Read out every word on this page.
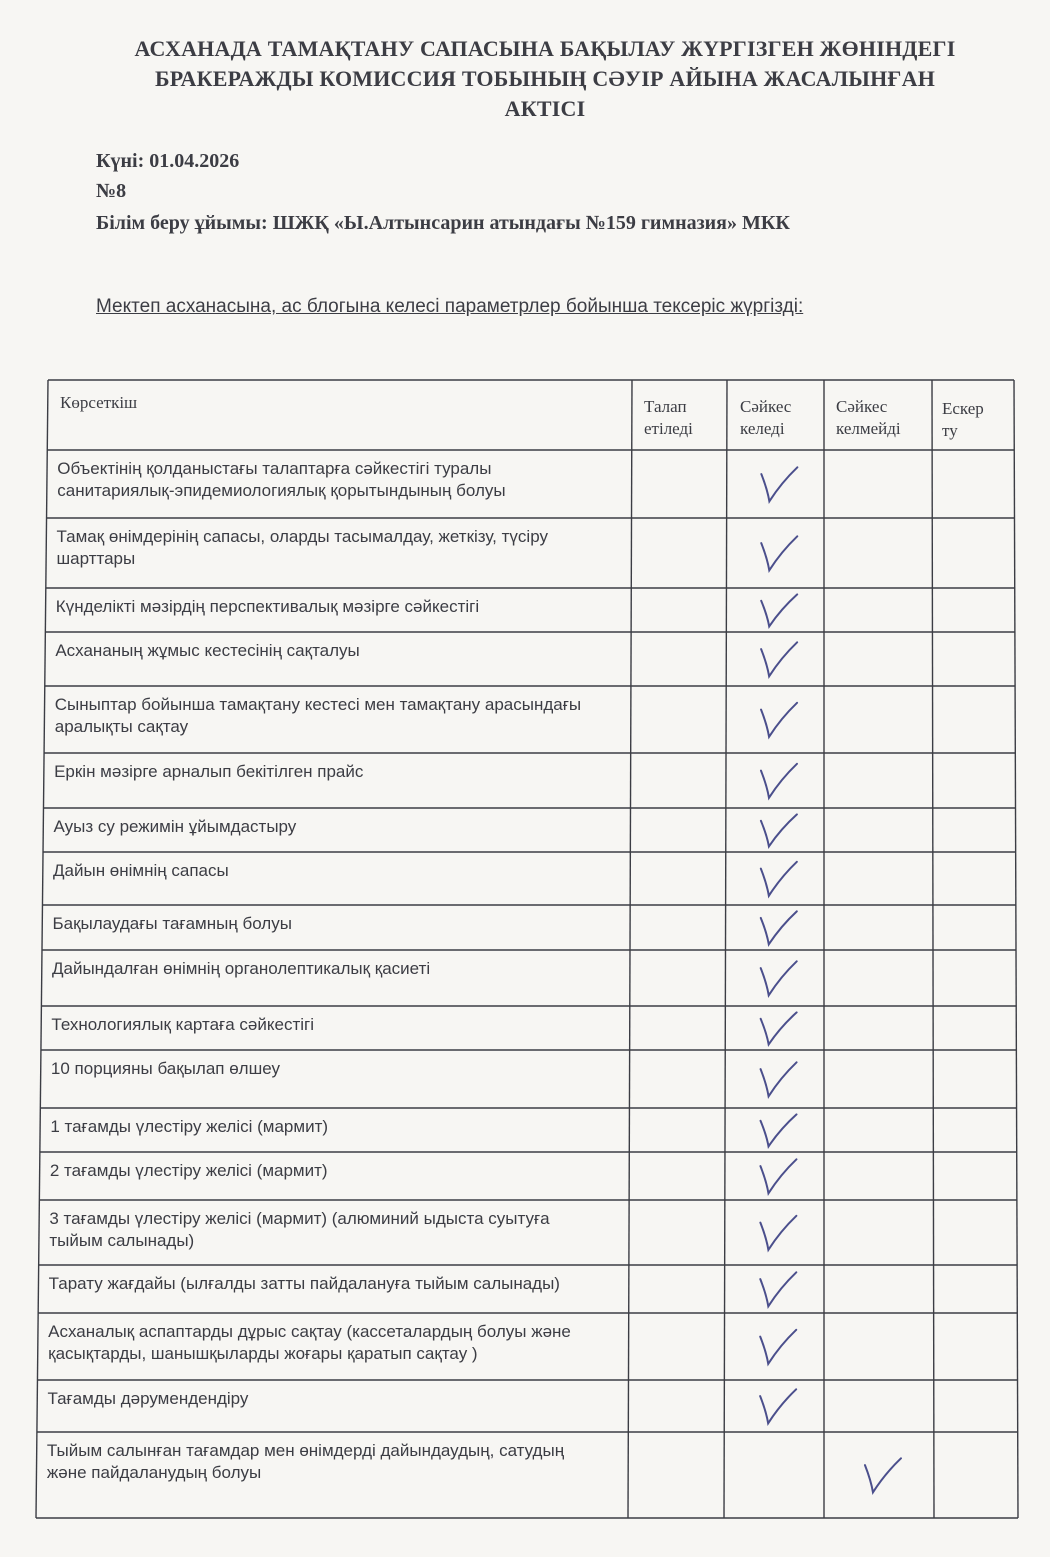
АСХАНАДА ТАМАҚТАНУ САПАСЫНА БАҚЫЛАУ ЖҮРГІЗГЕН ЖӨНІНДЕГІ
БРАКЕРАЖДЫ КОМИССИЯ ТОБЫНЫҢ СӘУІР АЙЫНА ЖАСАЛЫНҒАН
АКТІСІ
Күні: 01.04.2026
№8
Білім беру ұйымы: ШЖҚ «Ы.Алтынсарин атындағы №159 гимназия» МКК
Мектеп асханасына, ас блогына келесі параметрлер бойынша тексеріс жүргізді:
Көрсеткіш	Талап
етіледі
Сәйкес
келеді
Сәйкес
келмейді
Ескер
ту
Объектінің қолданыстағы талаптарға сәйкестігі туралы
санитариялық-эпидемиологиялық қорытындының болуы
Тамақ өнімдерінің сапасы, оларды тасымалдау, жеткізу, түсіру
шарттары
Күнделікті мәзірдің перспективалық мәзірге сәйкестігі
Асхананың жұмыс кестесінің сақталуы
Сыныптар бойынша тамақтану кестесі мен тамақтану арасындағы
аралықты сақтау
Еркін мәзірге арналып бекітілген прайс
Ауыз су режимін ұйымдастыру
Дайын өнімнің сапасы
Бақылаудағы тағамның болуы
Дайындалған өнімнің органолептикалық қасиеті
Технологиялық картаға сәйкестігі
10 порцияны бақылап өлшеу
1 тағамды үлестіру желісі (мармит)
2 тағамды үлестіру желісі (мармит)
3 тағамды үлестіру желісі (мармит) (алюминий ыдыста суытуға
тыйым салынады)
Тарату жағдайы (ылғалды затты пайдалануға тыйым салынады)
Асханалық аспаптарды дұрыс сақтау (кассеталардың болуы және
қасықтарды, шанышқыларды жоғары қаратып сақтау )
Тағамды дәрумендендіру
Тыйым салынған тағамдар мен өнімдерді дайындаудың, сатудың
және пайдаланудың болуы
